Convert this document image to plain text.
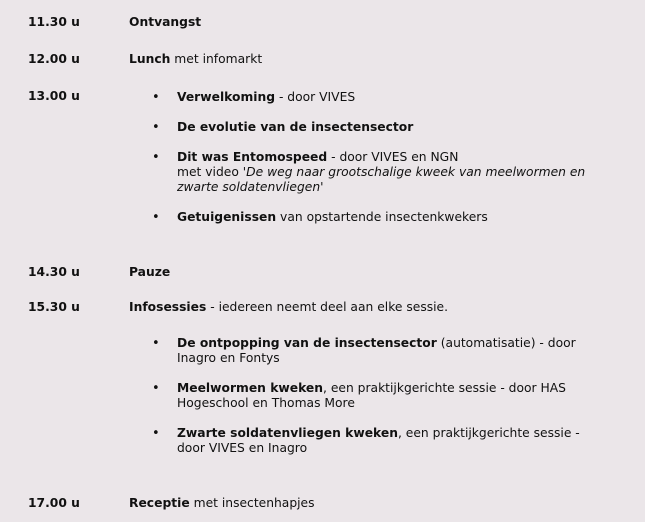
11.30 u	Ontvangst
12.00 u	Lunch met infomarkt
13.00 u	• Verwelkoming - door VIVES
• De evolutie van de insectensector
• Dit was Entomospeed - door VIVES en NGN
met video 'De weg naar grootschalige kweek van meelwormen en zwarte soldatenvliegen'
• Getuigenissen van opstartende insectenkwekers
14.30 u	Pauze
15.30 u	Infosessies - iedereen neemt deel aan elke sessie.
• De ontpopping van de insectensector (automatisatie) - door Inagro en Fontys
• Meelwormen kweken, een praktijkgerichte sessie - door HAS Hogeschool en Thomas More
• Zwarte soldatenvliegen kweken, een praktijkgerichte sessie - door VIVES en Inagro
17.00 u	Receptie met insectenhapjes
